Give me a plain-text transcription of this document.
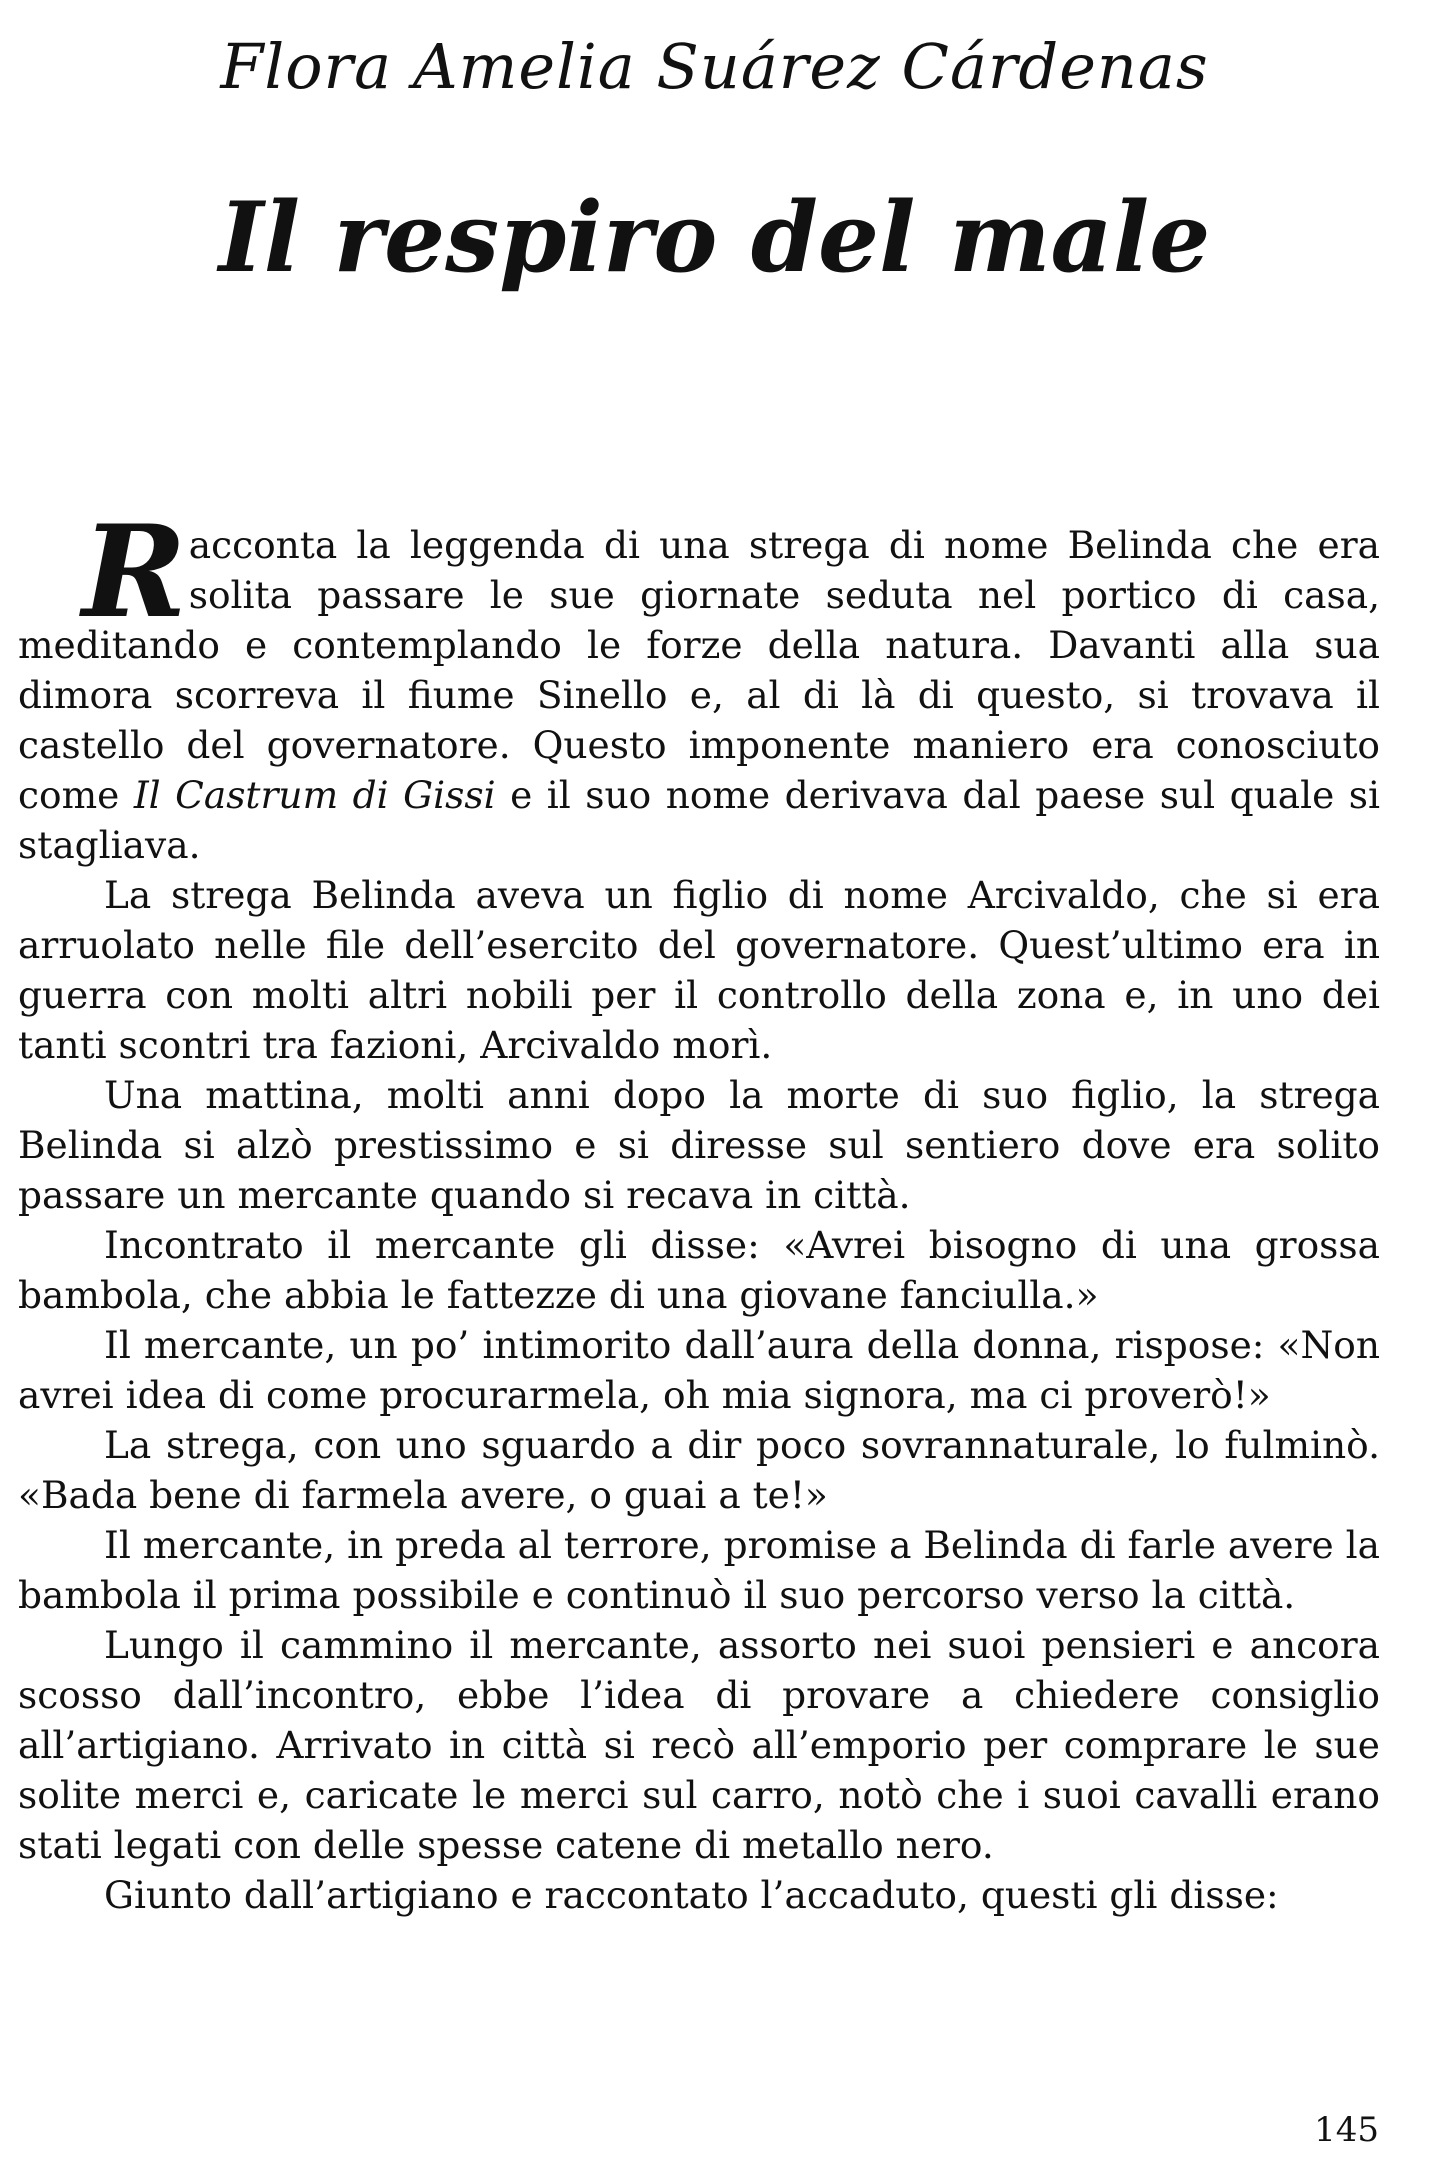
Flora Amelia Suárez Cárdenas
Il respiro del male

Racconta la leggenda di una strega di nome Belinda che era solita passare le sue giornate seduta nel portico di casa, meditando e contemplando le forze della natura. Davanti alla sua dimora scorreva il fiume Sinello e, al di là di questo, si trovava il castello del governatore. Questo imponente maniero era conosciuto come Il Castrum di Gissi e il suo nome derivava dal paese sul quale si stagliava.

La strega Belinda aveva un figlio di nome Arcivaldo, che si era arruolato nelle file dell’esercito del governatore. Quest’ultimo era in guerra con molti altri nobili per il controllo della zona e, in uno dei tanti scontri tra fazioni, Arcivaldo morì.

Una mattina, molti anni dopo la morte di suo figlio, la strega Belinda si alzò prestissimo e si diresse sul sentiero dove era solito passare un mercante quando si recava in città.

Incontrato il mercante gli disse: «Avrei bisogno di una grossa bambola, che abbia le fattezze di una giovane fanciulla.»

Il mercante, un po’ intimorito dall’aura della donna, rispose: «Non avrei idea di come procurarmela, oh mia signora, ma ci proverò!»

La strega, con uno sguardo a dir poco sovrannaturale, lo fulminò. «Bada bene di farmela avere, o guai a te!»

Il mercante, in preda al terrore, promise a Belinda di farle avere la bambola il prima possibile e continuò il suo percorso verso la città.

Lungo il cammino il mercante, assorto nei suoi pensieri e ancora scosso dall’incontro, ebbe l’idea di provare a chiedere consiglio all’artigiano. Arrivato in città si recò all’emporio per comprare le sue solite merci e, caricate le merci sul carro, notò che i suoi cavalli erano stati legati con delle spesse catene di metallo nero.

Giunto dall’artigiano e raccontato l’accaduto, questi gli disse:

145
